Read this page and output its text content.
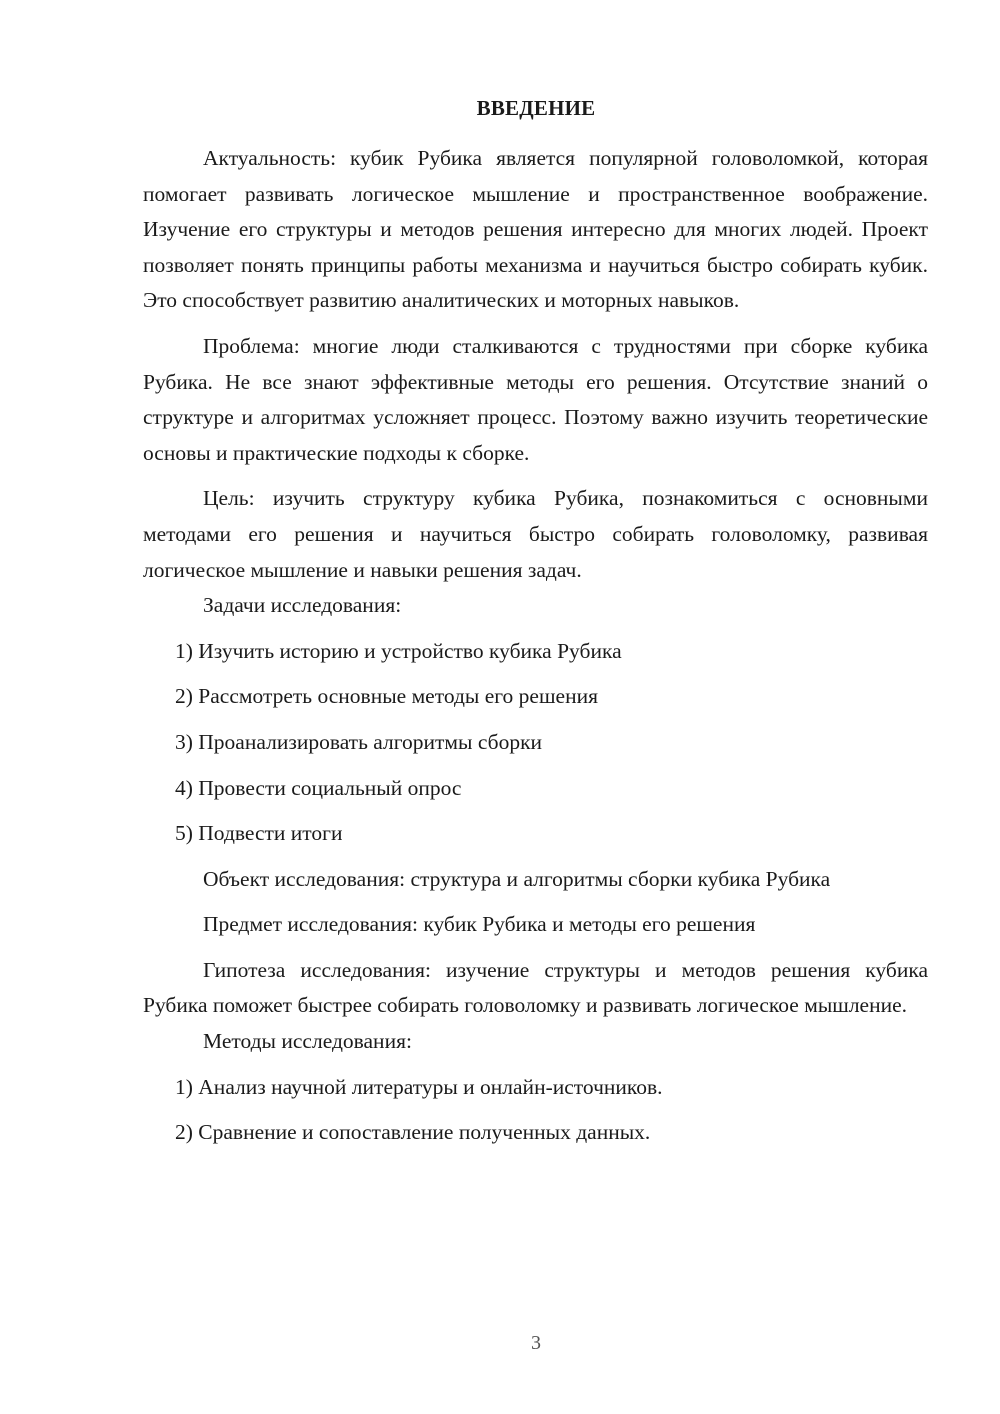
ВВЕДЕНИЕ

Актуальность: кубик Рубика является популярной головоломкой, которая помогает развивать логическое мышление и пространственное воображение. Изучение его структуры и методов решения интересно для многих людей. Проект позволяет понять принципы работы механизма и научиться быстро собирать кубик. Это способствует развитию аналитических и моторных навыков.

Проблема: многие люди сталкиваются с трудностями при сборке кубика Рубика. Не все знают эффективные методы его решения. Отсутствие знаний о структуре и алгоритмах усложняет процесс. Поэтому важно изучить теоретические основы и практические подходы к сборке.

Цель: изучить структуру кубика Рубика, познакомиться с основными методами его решения и научиться быстро собирать головоломку, развивая логическое мышление и навыки решения задач.

Задачи исследования:

1) Изучить историю и устройство кубика Рубика

2) Рассмотреть основные методы его решения

3) Проанализировать алгоритмы сборки

4) Провести социальный опрос

5) Подвести итоги

Объект исследования: структура и алгоритмы сборки кубика Рубика

Предмет исследования: кубик Рубика и методы его решения

Гипотеза исследования: изучение структуры и методов решения кубика Рубика поможет быстрее собирать головоломку и развивать логическое мышление.

Методы исследования:

1) Анализ научной литературы и онлайн-источников.

2) Сравнение и сопоставление полученных данных.

3
